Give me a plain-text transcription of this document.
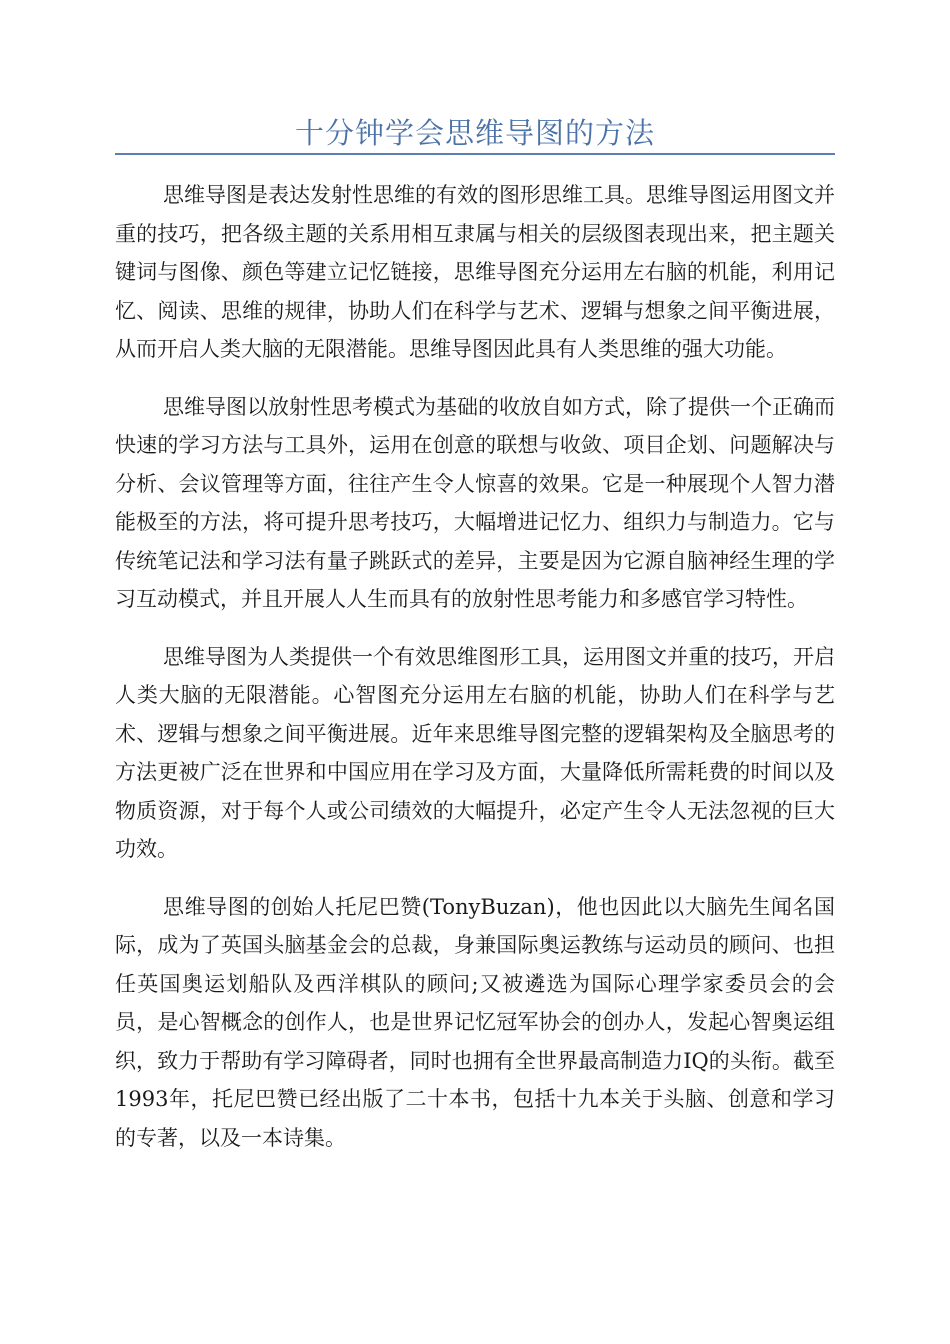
十分钟学会思维导图的方法

思维导图是表达发射性思维的有效的图形思维工具。思维导图运用图文并重的技巧，把各级主题的关系用相互隶属与相关的层级图表现出来，把主题关键词与图像、颜色等建立记忆链接，思维导图充分运用左右脑的机能，利用记忆、阅读、思维的规律，协助人们在科学与艺术、逻辑与想象之间平衡进展，从而开启人类大脑的无限潜能。思维导图因此具有人类思维的强大功能。

思维导图以放射性思考模式为基础的收放自如方式，除了提供一个正确而快速的学习方法与工具外，运用在创意的联想与收敛、项目企划、问题解决与分析、会议管理等方面，往往产生令人惊喜的效果。它是一种展现个人智力潜能极至的方法，将可提升思考技巧，大幅增进记忆力、组织力与制造力。它与传统笔记法和学习法有量子跳跃式的差异，主要是因为它源自脑神经生理的学习互动模式，并且开展人人生而具有的放射性思考能力和多感官学习特性。

思维导图为人类提供一个有效思维图形工具，运用图文并重的技巧，开启人类大脑的无限潜能。心智图充分运用左右脑的机能，协助人们在科学与艺术、逻辑与想象之间平衡进展。近年来思维导图完整的逻辑架构及全脑思考的方法更被广泛在世界和中国应用在学习及方面，大量降低所需耗费的时间以及物质资源，对于每个人或公司绩效的大幅提升，必定产生令人无法忽视的巨大功效。

思维导图的创始人托尼巴赞(TonyBuzan)，他也因此以大脑先生闻名国际，成为了英国头脑基金会的总裁，身兼国际奥运教练与运动员的顾问、也担任英国奥运划船队及西洋棋队的顾问;又被遴选为国际心理学家委员会的会员，是心智概念的创作人，也是世界记忆冠军协会的创办人，发起心智奥运组织，致力于帮助有学习障碍者，同时也拥有全世界最高制造力IQ的头衔。截至1993年，托尼巴赞已经出版了二十本书，包括十九本关于头脑、创意和学习的专著，以及一本诗集。
